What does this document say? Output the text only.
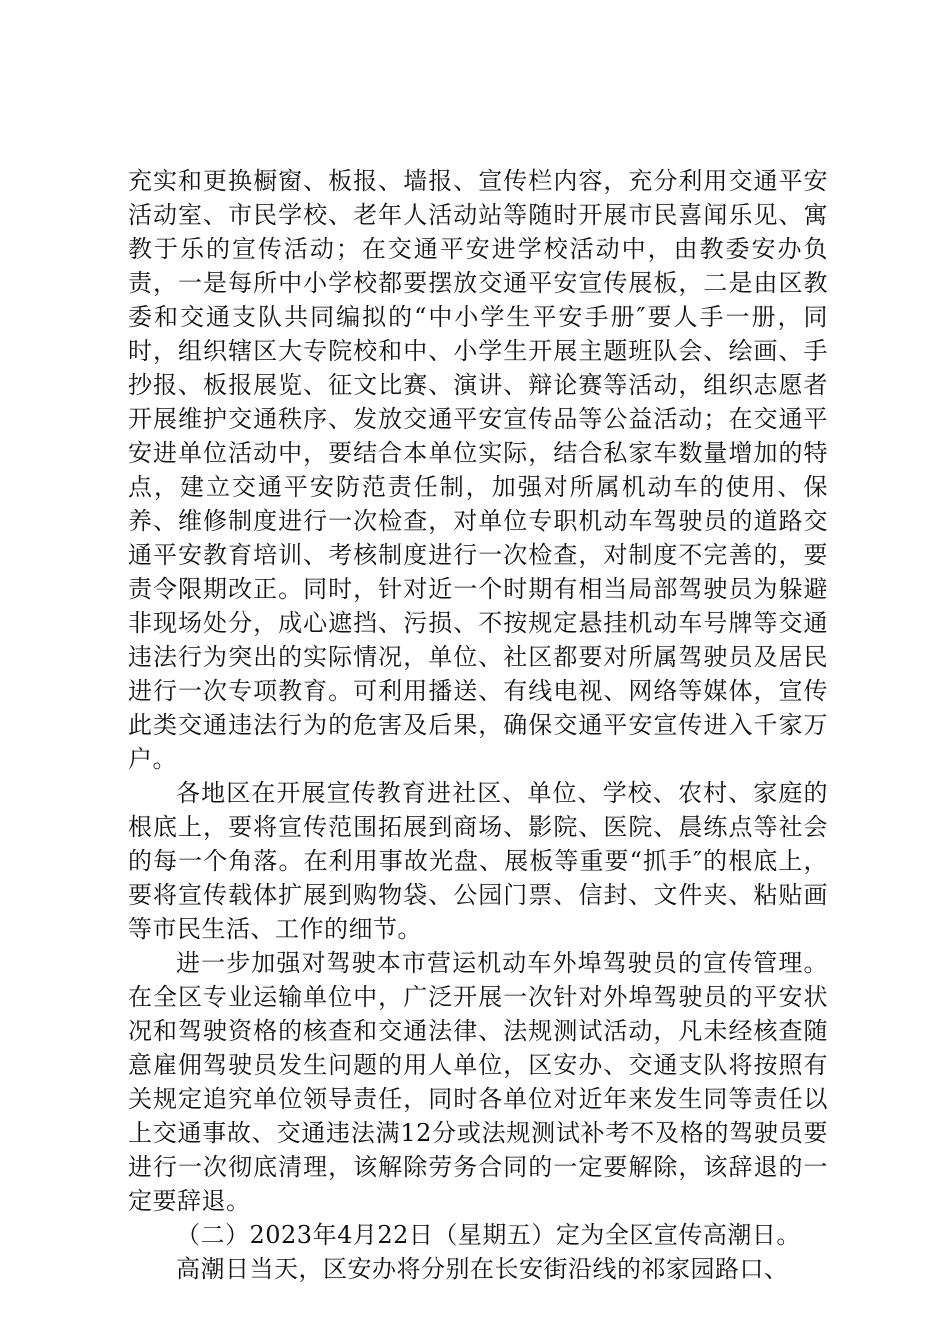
充实和更换橱窗、板报、墙报、宣传栏内容，充分利用交通平安活动室、市民学校、老年人活动站等随时开展市民喜闻乐见、寓教于乐的宣传活动；在交通平安进学校活动中，由教委安办负责，一是每所中小学校都要摆放交通平安宣传展板，二是由区教委和交通支队共同编拟的“中小学生平安手册″要人手一册，同时，组织辖区大专院校和中、小学生开展主题班队会、绘画、手抄报、板报展览、征文比赛、演讲、辩论赛等活动，组织志愿者开展维护交通秩序、发放交通平安宣传品等公益活动；在交通平安进单位活动中，要结合本单位实际，结合私家车数量增加的特点，建立交通平安防范责任制，加强对所属机动车的使用、保养、维修制度进行一次检查，对单位专职机动车驾驶员的道路交通平安教育培训、考核制度进行一次检查，对制度不完善的，要责令限期改正。同时，针对近一个时期有相当局部驾驶员为躲避非现场处分，成心遮挡、污损、不按规定悬挂机动车号牌等交通违法行为突出的实际情况，单位、社区都要对所属驾驶员及居民进行一次专项教育。可利用播送、有线电视、网络等媒体，宣传此类交通违法行为的危害及后果，确保交通平安宣传进入千家万户。

各地区在开展宣传教育进社区、单位、学校、农村、家庭的根底上，要将宣传范围拓展到商场、影院、医院、晨练点等社会的每一个角落。在利用事故光盘、展板等重要“抓手″的根底上，要将宣传载体扩展到购物袋、公园门票、信封、文件夹、粘贴画等市民生活、工作的细节。

进一步加强对驾驶本市营运机动车外埠驾驶员的宣传管理。在全区专业运输单位中，广泛开展一次针对外埠驾驶员的平安状况和驾驶资格的核查和交通法律、法规测试活动，凡未经核查随意雇佣驾驶员发生问题的用人单位，区安办、交通支队将按照有关规定追究单位领导责任，同时各单位对近年来发生同等责任以上交通事故、交通违法满12分或法规测试补考不及格的驾驶员要进行一次彻底清理，该解除劳务合同的一定要解除，该辞退的一定要辞退。

（二）2023年4月22日（星期五）定为全区宣传高潮日。

高潮日当天，区安办将分别在长安街沿线的祁家园路口、
